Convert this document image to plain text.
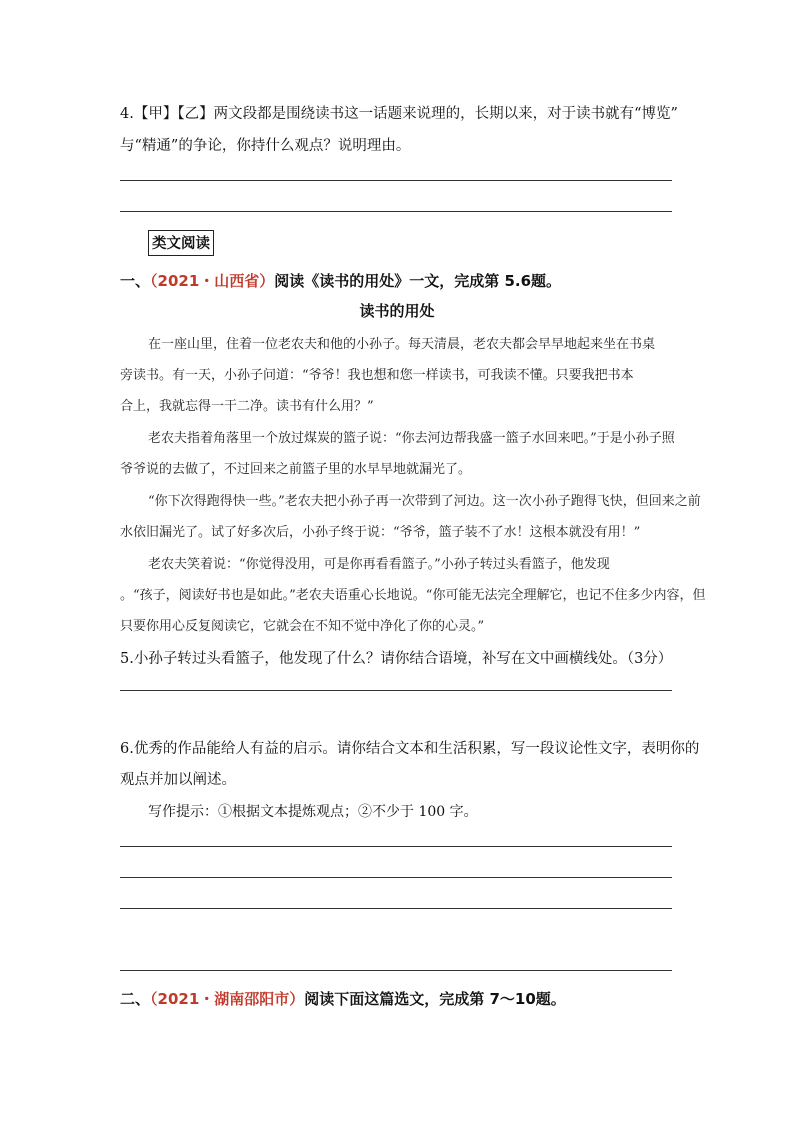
4.【甲】【乙】两文段都是围绕读书这一话题来说理的，长期以来，对于读书就有“博览”
与“精通”的争论，你持什么观点？说明理由。
类文阅读
一、（2021・山西省）阅读《读书的用处》一文，完成第 5.6题。
读书的用处
在一座山里，住着一位老农夫和他的小孙子。每天清晨，老农夫都会早早地起来坐在书桌
旁读书。有一天，小孙子问道：“爷爷！我也想和您一样读书，可我读不懂。只要我把书本
合上，我就忘得一干二净。读书有什么用？”
老农夫指着角落里一个放过煤炭的篮子说：“你去河边帮我盛一篮子水回来吧。”于是小孙子照
爷爷说的去做了，不过回来之前篮子里的水早早地就漏光了。
“你下次得跑得快一些。”老农夫把小孙子再一次带到了河边。这一次小孙子跑得飞快，但回来之前
水依旧漏光了。试了好多次后，小孙子终于说：“爷爷，篮子装不了水！这根本就没有用！”
老农夫笑着说：“你觉得没用，可是你再看看篮子。”小孙子转过头看篮子，他发现
。“孩子，阅读好书也是如此。”老农夫语重心长地说。“你可能无法完全理解它，也记不住多少内容，但
只要你用心反复阅读它，它就会在不知不觉中净化了你的心灵。”
5.小孙子转过头看篮子，他发现了什么？请你结合语境，补写在文中画横线处。（3分）
6.优秀的作品能给人有益的启示。请你结合文本和生活积累，写一段议论性文字，表明你的
观点并加以阐述。
写作提示：①根据文本提炼观点；②不少于 100 字。
二、（2021・湖南邵阳市）阅读下面这篇选文，完成第 7～10题。
